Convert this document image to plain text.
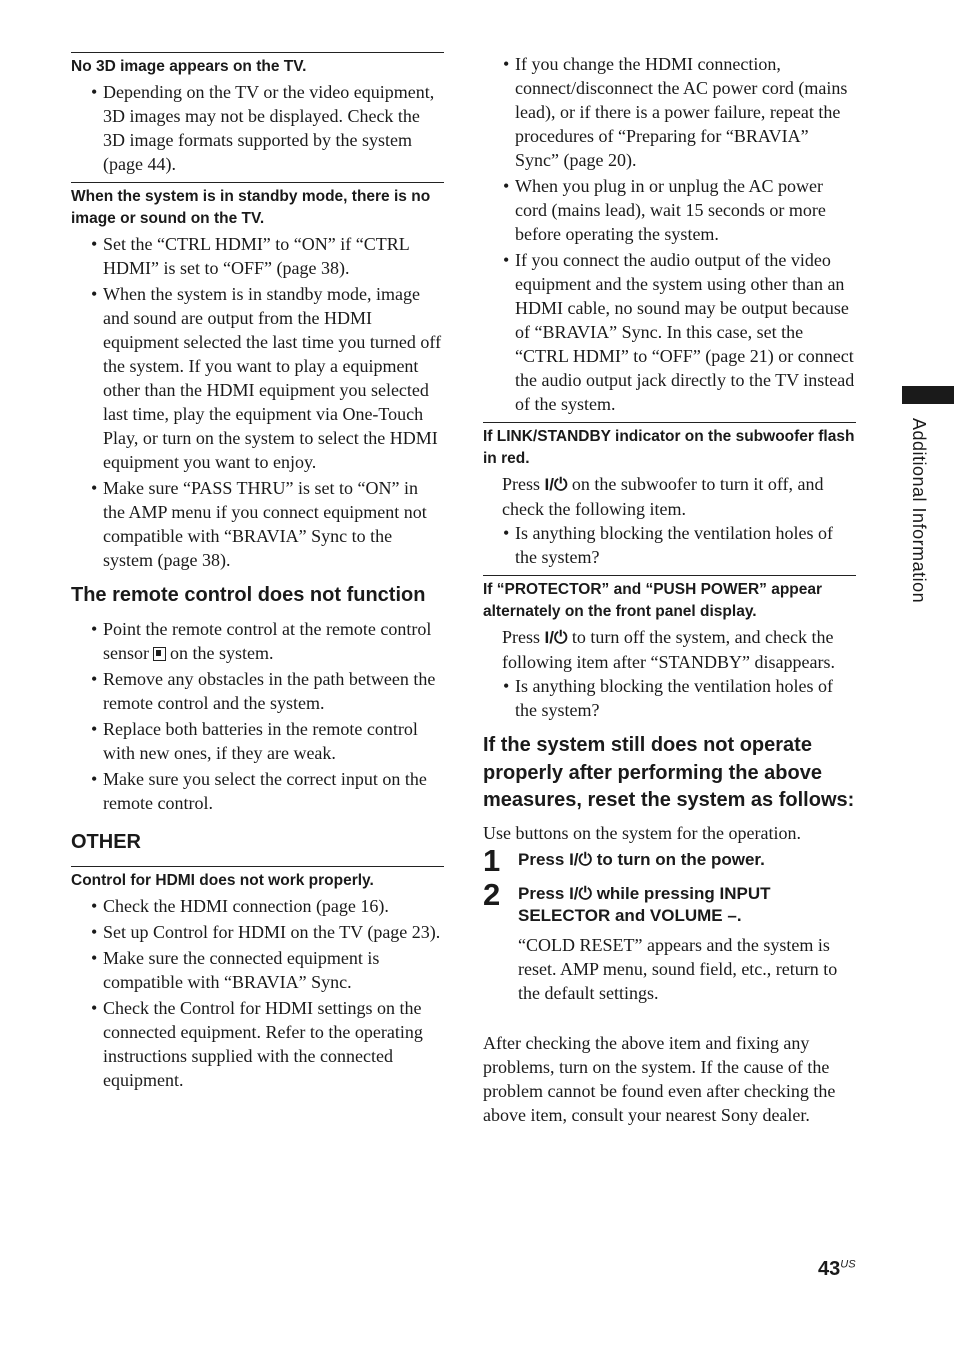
No 3D image appears on the TV.
• Depending on the TV or the video equipment, 3D images may not be displayed. Check the 3D image formats supported by the system (page 44).
When the system is in standby mode, there is no image or sound on the TV.
• Set the “CTRL HDMI” to “ON” if “CTRL HDMI” is set to “OFF” (page 38).
• When the system is in standby mode, image and sound are output from the HDMI equipment selected the last time you turned off the system. If you want to play a equipment other than the HDMI equipment you selected last time, play the equipment via One-Touch Play, or turn on the system to select the HDMI equipment you want to enjoy.
• Make sure “PASS THRU” is set to “ON” in the AMP menu if you connect equipment not compatible with “BRAVIA” Sync to the system (page 38).
The remote control does not function
• Point the remote control at the remote control sensor on the system.
• Remove any obstacles in the path between the remote control and the system.
• Replace both batteries in the remote control with new ones, if they are weak.
• Make sure you select the correct input on the remote control.
OTHER
Control for HDMI does not work properly.
• Check the HDMI connection (page 16).
• Set up Control for HDMI on the TV (page 23).
• Make sure the connected equipment is compatible with “BRAVIA” Sync.
• Check the Control for HDMI settings on the connected equipment. Refer to the operating instructions supplied with the connected equipment.
• If you change the HDMI connection, connect/disconnect the AC power cord (mains lead), or if there is a power failure, repeat the procedures of “Preparing for “BRAVIA” Sync” (page 20).
• When you plug in or unplug the AC power cord (mains lead), wait 15 seconds or more before operating the system.
• If you connect the audio output of the video equipment and the system using other than an HDMI cable, no sound may be output because of “BRAVIA” Sync. In this case, set the “CTRL HDMI” to “OFF” (page 21) or connect the audio output jack directly to the TV instead of the system.
If LINK/STANDBY indicator on the subwoofer flash in red.
Press I/⏻ on the subwoofer to turn it off, and check the following item.
• Is anything blocking the ventilation holes of the system?
If “PROTECTOR” and “PUSH POWER” appear alternately on the front panel display.
Press I/⏻ to turn off the system, and check the following item after “STANDBY” disappears.
• Is anything blocking the ventilation holes of the system?
If the system still does not operate properly after performing the above measures, reset the system as follows:
Use buttons on the system for the operation.
1 Press I/⏻ to turn on the power.
2 Press I/⏻ while pressing INPUT SELECTOR and VOLUME –.
“COLD RESET” appears and the system is reset. AMP menu, sound field, etc., return to the default settings.
After checking the above item and fixing any problems, turn on the system. If the cause of the problem cannot be found even after checking the above item, consult your nearest Sony dealer.
Additional Information
$43^{US}$
